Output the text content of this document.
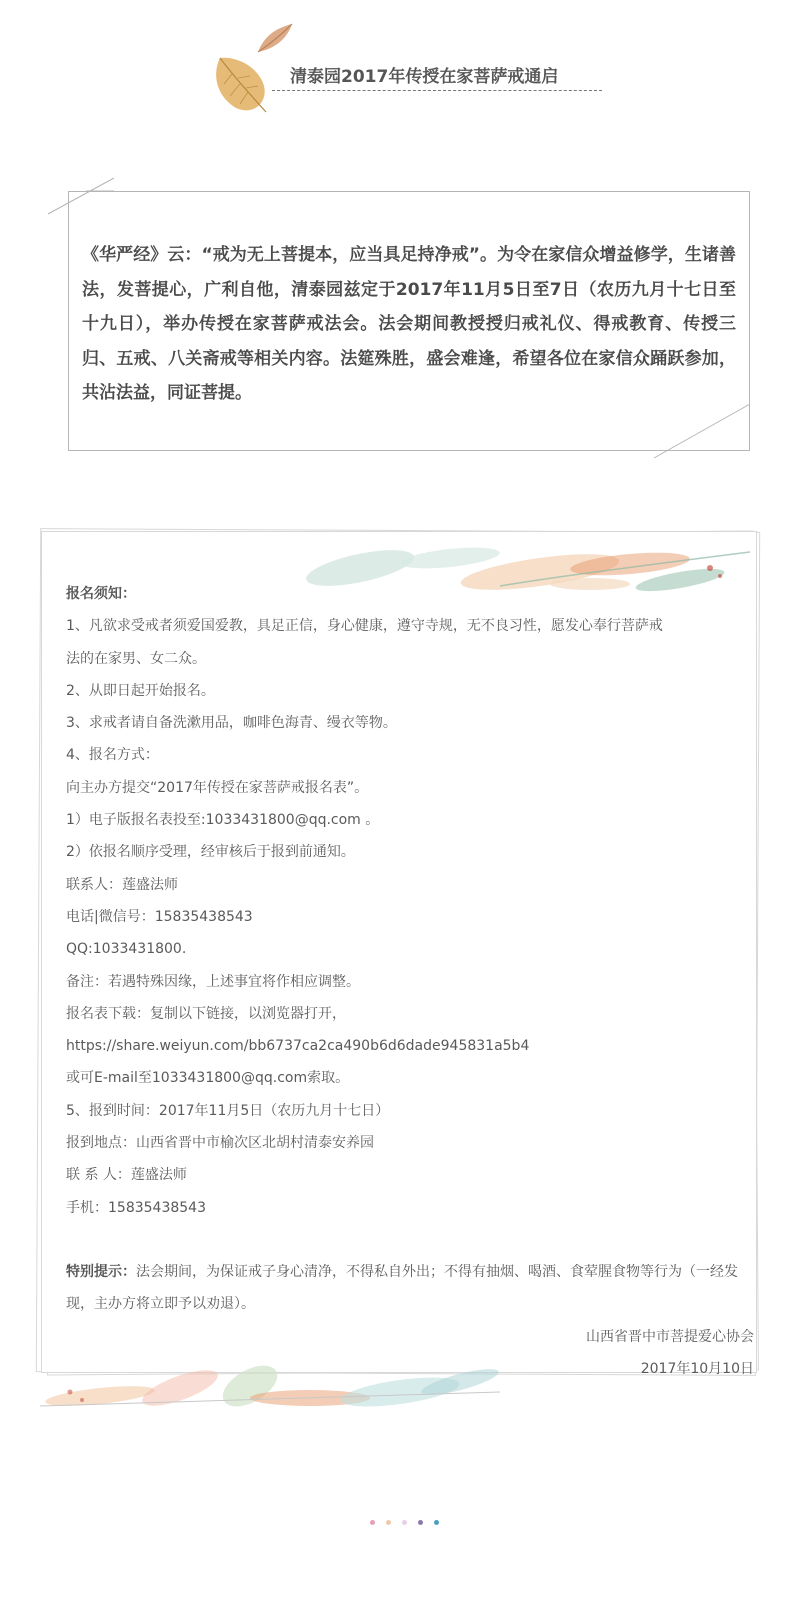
清泰园2017年传授在家菩萨戒通启
《华严经》云：“戒为无上菩提本，应当具足持净戒”。为令在家信众增益修学，生诸善法，发菩提心，广利自他，清泰园兹定于2017年11月5日至7日（农历九月十七日至十九日），举办传授在家菩萨戒法会。法会期间教授授归戒礼仪、得戒教育、传授三归、五戒、八关斋戒等相关内容。法筵殊胜，盛会难逢，希望各位在家信众踊跃参加，共沾法益，同证菩提。

报名须知：

1、凡欲求受戒者须爱国爱教，具足正信，身心健康，遵守寺规，无不良习性，愿发心奉行菩萨戒

法的在家男、女二众。

2、从即日起开始报名。

3、求戒者请自备洗漱用品，咖啡色海青、缦衣等物。

4、报名方式：

向主办方提交“2017年传授在家菩萨戒报名表”。

1）电子版报名表投至:1033431800@qq.com 。

2）依报名顺序受理，经审核后于报到前通知。

联系人：莲盛法师

电话|微信号：15835438543

QQ:1033431800.

备注：若遇特殊因缘，上述事宜将作相应调整。

报名表下载：复制以下链接，以浏览器打开，

https://share.weiyun.com/bb6737ca2ca490b6d6dade945831a5b4

或可E-mail至1033431800@qq.com索取。

5、报到时间：2017年11月5日（农历九月十七日）

报到地点：山西省晋中市榆次区北胡村清泰安养园

联 系 人：莲盛法师

手机：15835438543

特别提示：法会期间，为保证戒子身心清净，不得私自外出；不得有抽烟、喝酒、食荤腥食物等行为（一经发现，主办方将立即予以劝退）。

山西省晋中市菩提爱心协会

2017年10月10日
